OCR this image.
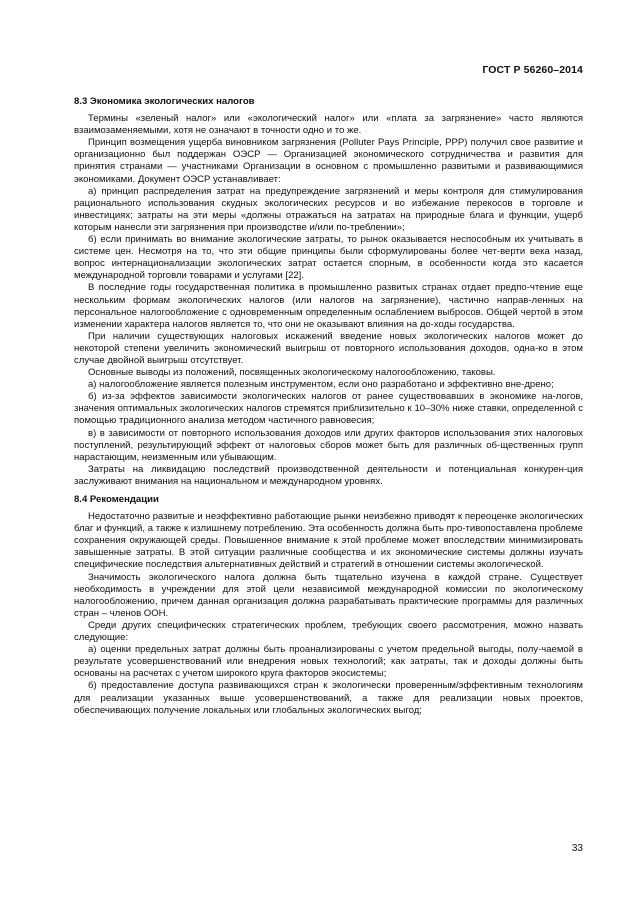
ГОСТ Р 56260–2014
8.3 Экономика экологических налогов

Термины «зеленый налог» или «экологический налог» или «плата за загрязнение» часто являются взаимозаменяемыми, хотя не означают в точности одно и то же.

Принцип возмещения ущерба виновником загрязнения (Polluter Pays Principle, PPP) получил свое развитие и организационно был поддержан ОЭСР — Организацией экономического сотрудничества и развития для принятия странами — участниками Организации в основном с промышленно развитыми и развивающимися экономиками. Документ ОЭСР устанавливает:

а) принцип распределения затрат на предупреждение загрязнений и меры контроля для стимулирования рационального использования скудных экологических ресурсов и во избежание перекосов в торговле и инвестициях; затраты на эти меры «должны отражаться на затратах на природные блага и функции, ущерб которым нанесли эти загрязнения при производстве и/или по-треблении»;

б) если принимать во внимание экологические затраты, то рынок оказывается неспособным их учитывать в системе цен. Несмотря на то, что эти общие принципы были сформулированы более чет-верти века назад, вопрос интернационализации экологических затрат остается спорным, в особенности когда это касается международной торговли товарами и услугами [22].

В последние годы государственная политика в промышленно развитых странах отдает предпо-чтение еще нескольким формам экологических налогов (или налогов на загрязнение), частично направ-ленных на персональное налогообложение с одновременным определенным ослаблением выбросов. Общей чертой в этом изменении характера налогов является то, что они не оказывают влияния на до-ходы государства.

При наличии существующих налоговых искажений введение новых экологических налогов может до некоторой степени увеличить экономический выигрыш от повторного использования доходов, одна-ко в этом случае двойной выигрыш отсутствует.

Основные выводы из положений, посвященных экологическому налогообложению, таковы.

а) налогообложение является полезным инструментом, если оно разработано и эффективно вне-дрено;

б) из-за эффектов зависимости экологических налогов от ранее существовавших в экономике на-логов, значения оптимальных экологических налогов стремятся приблизительно к 10–30% ниже ставки, определенной с помощью традиционного анализа методом частичного равновесия;

в) в зависимости от повторного использования доходов или других факторов использования этих налоговых поступлений, результирующий эффект от налоговых сборов может быть для различных об-щественных групп нарастающим, неизменным или убывающим.

Затраты на ликвидацию последствий производственной деятельности и потенциальная конкурен-ция заслуживают внимания на национальном и международном уровнях.

8.4 Рекомендации

Недостаточно развитые и неэффективно работающие рынки неизбежно приводят к переоценке экологических благ и функций, а также к излишнему потреблению. Эта особенность должна быть про-тивопоставлена проблеме сохранения окружающей среды. Повышенное внимание к этой проблеме может впоследствии минимизировать завышенные затраты. В этой ситуации различные сообщества и их экономические системы должны изучать специфические последствия альтернативных действий и стратегий в отношении системы экологической.

Значимость экологического налога должна быть тщательно изучена в каждой стране. Существует необходимость в учреждении для этой цели независимой международной комиссии по экологическому налогообложению, причем данная организация должна разрабатывать практические программы для различных стран – членов ООН.

Среди других специфических стратегических проблем, требующих своего рассмотрения, можно назвать следующие:

а) оценки предельных затрат должны быть проанализированы с учетом предельной выгоды, полу-чаемой в результате усовершенствований или внедрения новых технологий; как затраты, так и доходы должны быть основаны на расчетах с учетом широкого круга факторов экосистемы;

б) предоставление доступа развивающихся стран к экологически проверенным/эффективным технологиям для реализации указанных выше усовершенствований, а также для реализации новых проектов, обеспечивающих получение локальных или глобальных экологических выгод;

33
